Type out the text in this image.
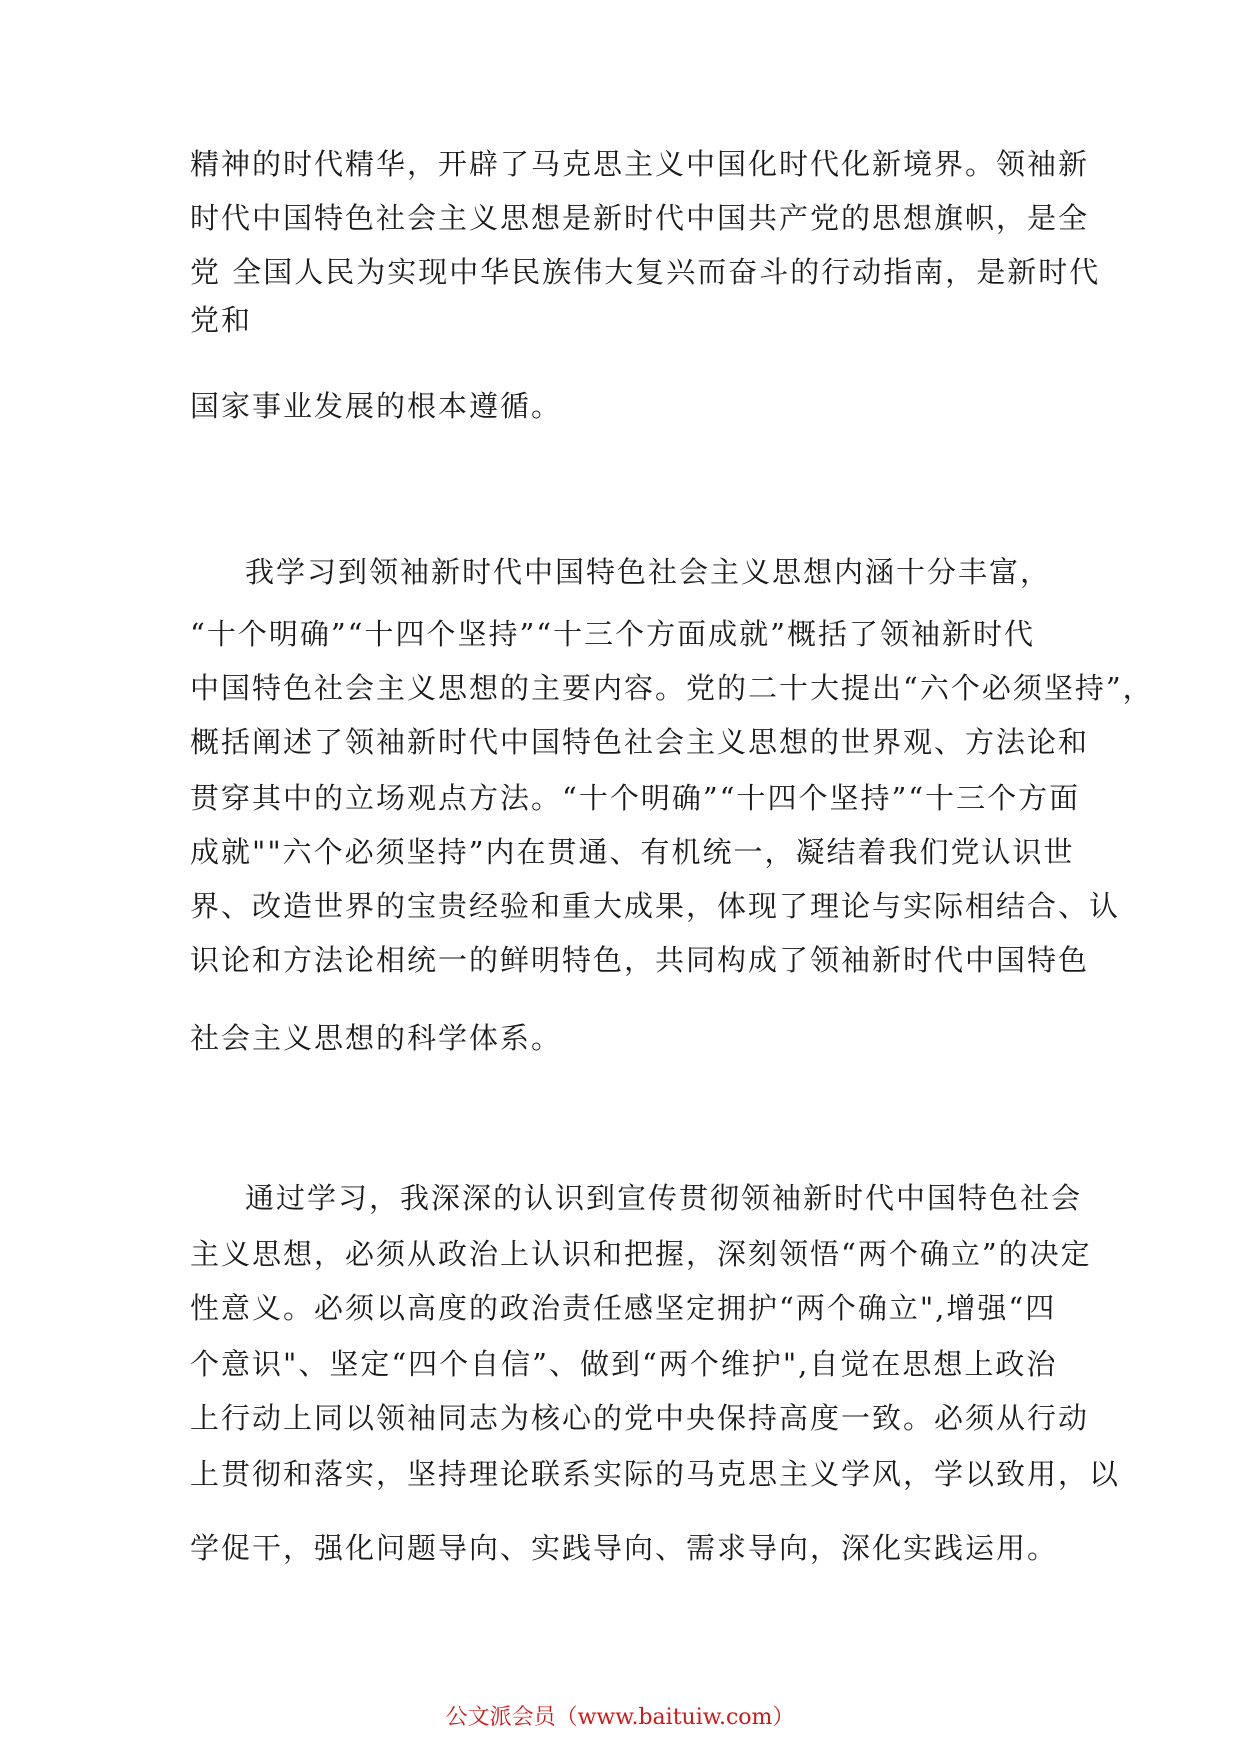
精神的时代精华，开辟了马克思主义中国化时代化新境界。领袖新
时代中国特色社会主义思想是新时代中国共产党的思想旗帜，是全
党 全国人民为实现中华民族伟大复兴而奋斗的行动指南，是新时代
党和
国家事业发展的根本遵循。
我学习到领袖新时代中国特色社会主义思想内涵十分丰富，
“十个明确”“十四个坚持”“十三个方面成就”概括了领袖新时代
中国特色社会主义思想的主要内容。党的二十大提出“六个必须坚持”，
概括阐述了领袖新时代中国特色社会主义思想的世界观、方法论和
贯穿其中的立场观点方法。“十个明确”“十四个坚持”“十三个方面
成就""六个必须坚持”内在贯通、有机统一，凝结着我们党认识世
界、改造世界的宝贵经验和重大成果，体现了理论与实际相结合、认
识论和方法论相统一的鲜明特色，共同构成了领袖新时代中国特色
社会主义思想的科学体系。
通过学习，我深深的认识到宣传贯彻领袖新时代中国特色社会
主义思想，必须从政治上认识和把握，深刻领悟“两个确立”的决定
性意义。必须以高度的政治责任感坚定拥护“两个确立",增强“四
个意识"、坚定“四个自信”、做到“两个维护",自觉在思想上政治
上行动上同以领袖同志为核心的党中央保持高度一致。必须从行动
上贯彻和落实，坚持理论联系实际的马克思主义学风，学以致用，以
学促干，强化问题导向、实践导向、需求导向，深化实践运用。
公文派会员（www.baituiw.com）
